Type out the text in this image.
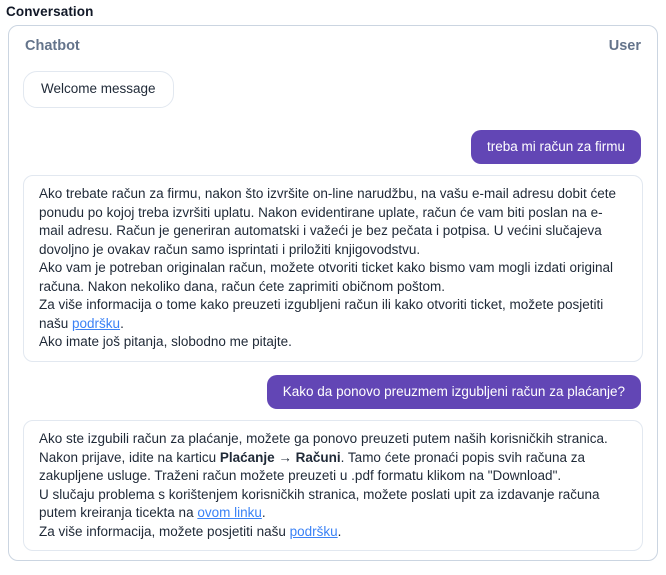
Conversation
Chatbot	User
Welcome message
treba mi račun za firmu
Ako trebate račun za firmu, nakon što izvršite on-line narudžbu, na vašu e-mail adresu dobit ćete ponudu po kojoj treba izvršiti uplatu. Nakon evidentirane uplate, račun će vam biti poslan na e-mail adresu. Račun je generiran automatski i važeći je bez pečata i potpisa. U većini slučajeva dovoljno je ovakav račun samo isprintati i priložiti knjigovodstvu.
Ako vam je potreban originalan račun, možete otvoriti ticket kako bismo vam mogli izdati original računa. Nakon nekoliko dana, račun ćete zaprimiti običnom poštom.
Za više informacija o tome kako preuzeti izgubljeni račun ili kako otvoriti ticket, možete posjetiti našu podršku.
Ako imate još pitanja, slobodno me pitajte.
Kako da ponovo preuzmem izgubljeni račun za plaćanje?
Ako ste izgubili račun za plaćanje, možete ga ponovo preuzeti putem naših korisničkih stranica. Nakon prijave, idite na karticu Plaćanje → Računi. Tamo ćete pronaći popis svih računa za zakupljene usluge. Traženi račun možete preuzeti u .pdf formatu klikom na "Download".
U slučaju problema s korištenjem korisničkih stranica, možete poslati upit za izdavanje računa putem kreiranja ticekta na ovom linku.
Za više informacija, možete posjetiti našu podršku.
